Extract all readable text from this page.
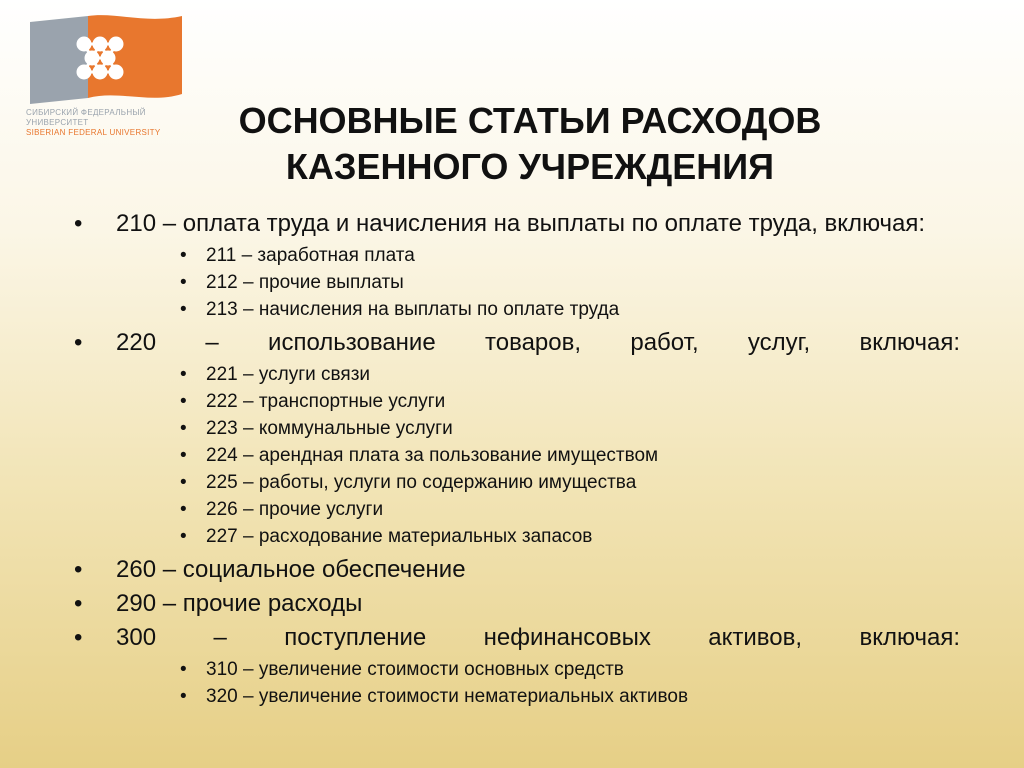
СИБИРСКИЙ ФЕДЕРАЛЬНЫЙ УНИВЕРСИТЕТ
SIBERIAN FEDERAL UNIVERSITY	ОСНОВНЫЕ СТАТЬИ РАСХОДОВ
КАЗЕННОГО УЧРЕЖДЕНИЯ
• 210 – оплата труда и начисления на выплаты по оплате труда, включая:
• 211 – заработная плата
• 212 – прочие выплаты
• 213 – начисления на выплаты по оплате труда
• 220 – использование товаров, работ, услуг, включая:
• 221 – услуги связи
• 222 – транспортные услуги
• 223 – коммунальные услуги
• 224 – арендная плата за пользование имуществом
• 225 – работы, услуги по содержанию имущества
• 226 – прочие услуги
• 227 – расходование материальных запасов
• 260 – социальное обеспечение
• 290 – прочие расходы
• 300 – поступление нефинансовых активов, включая:
• 310 – увеличение стоимости основных средств
• 320 – увеличение стоимости нематериальных активов
